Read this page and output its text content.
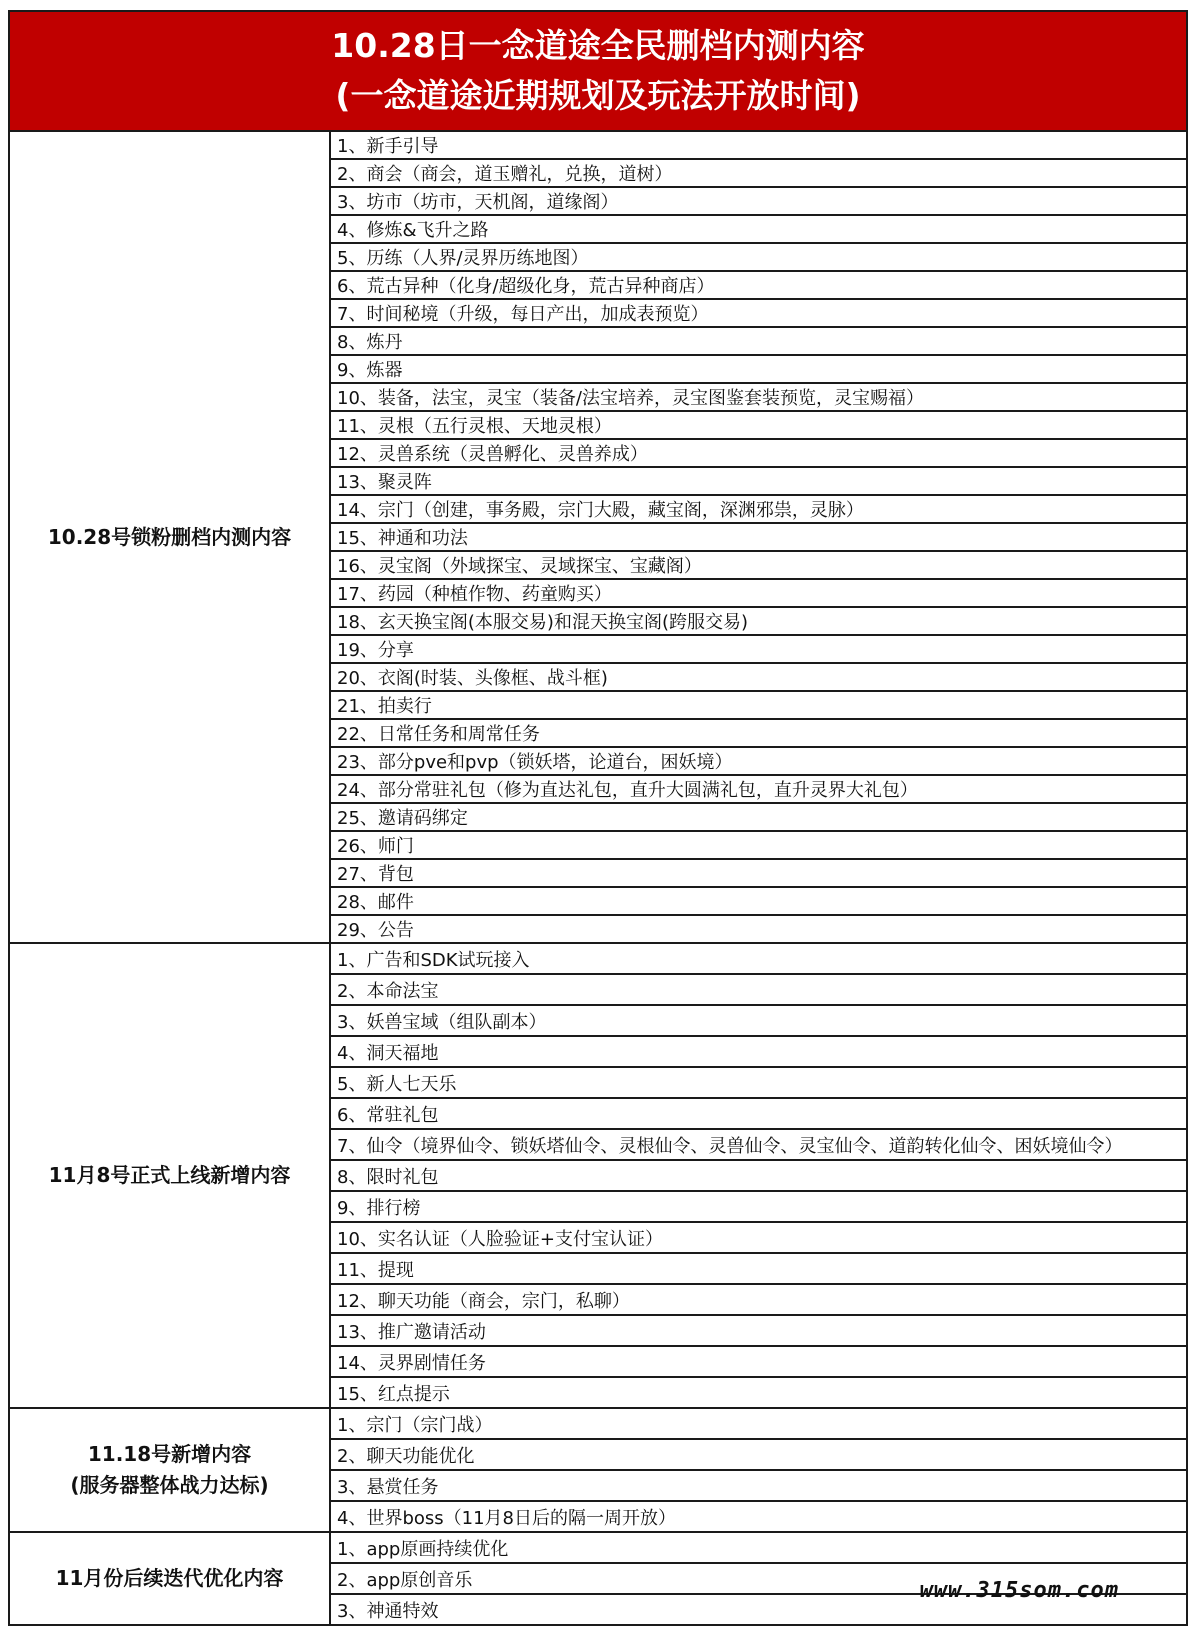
10.28日一念道途全民删档内测内容
(一念道途近期规划及玩法开放时间)
10.28号锁粉删档内测内容
1、新手引导
2、商会（商会，道玉赠礼，兑换，道树）
3、坊市（坊市，天机阁，道缘阁）
4、修炼&飞升之路
5、历练（人界/灵界历练地图）
6、荒古异种（化身/超级化身，荒古异种商店）
7、时间秘境（升级，每日产出，加成表预览）
8、炼丹
9、炼器
10、装备，法宝，灵宝（装备/法宝培养，灵宝图鉴套装预览，灵宝赐福）
11、灵根（五行灵根、天地灵根）
12、灵兽系统（灵兽孵化、灵兽养成）
13、聚灵阵
14、宗门（创建，事务殿，宗门大殿，藏宝阁，深渊邪祟，灵脉）
15、神通和功法
16、灵宝阁（外域探宝、灵域探宝、宝藏阁）
17、药园（种植作物、药童购买）
18、玄天换宝阁(本服交易)和混天换宝阁(跨服交易)
19、分享
20、衣阁(时装、头像框、战斗框)
21、拍卖行
22、日常任务和周常任务
23、部分pve和pvp（锁妖塔，论道台，困妖境）
24、部分常驻礼包（修为直达礼包，直升大圆满礼包，直升灵界大礼包）
25、邀请码绑定
26、师门
27、背包
28、邮件
29、公告
11月8号正式上线新增内容
1、广告和SDK试玩接入
2、本命法宝
3、妖兽宝域（组队副本）
4、洞天福地
5、新人七天乐
6、常驻礼包
7、仙令（境界仙令、锁妖塔仙令、灵根仙令、灵兽仙令、灵宝仙令、道韵转化仙令、困妖境仙令）
8、限时礼包
9、排行榜
10、实名认证（人脸验证+支付宝认证）
11、提现
12、聊天功能（商会，宗门，私聊）
13、推广邀请活动
14、灵界剧情任务
15、红点提示
11.18号新增内容
(服务器整体战力达标)
1、宗门（宗门战）
2、聊天功能优化
3、悬赏任务
4、世界boss（11月8日后的隔一周开放）
11月份后续迭代优化内容
1、app原画持续优化
2、app原创音乐
3、神通特效
www.315som.com
